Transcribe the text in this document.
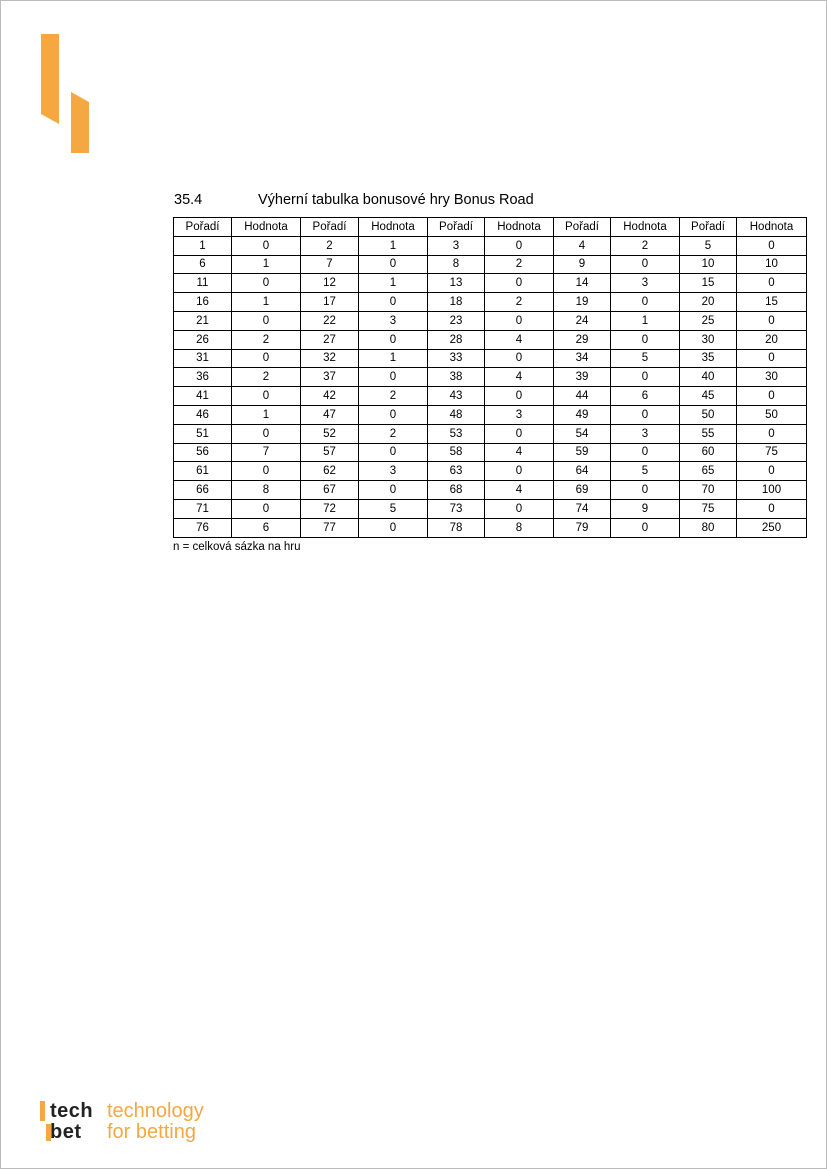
35.4	Výherní tabulka bonusové hry Bonus Road
Pořadí	Hodnota	Pořadí	Hodnota	Pořadí	Hodnota	Pořadí	Hodnota	Pořadí	Hodnota
1	0	2	1	3	0	4	2	5	0
6	1	7	0	8	2	9	0	10	10
11	0	12	1	13	0	14	3	15	0
16	1	17	0	18	2	19	0	20	15
21	0	22	3	23	0	24	1	25	0
26	2	27	0	28	4	29	0	30	20
31	0	32	1	33	0	34	5	35	0
36	2	37	0	38	4	39	0	40	30
41	0	42	2	43	0	44	6	45	0
46	1	47	0	48	3	49	0	50	50
51	0	52	2	53	0	54	3	55	0
56	7	57	0	58	4	59	0	60	75
61	0	62	3	63	0	64	5	65	0
66	8	67	0	68	4	69	0	70	100
71	0	72	5	73	0	74	9	75	0
76	6	77	0	78	8	79	0	80	250
n = celková sázka na hru
tech
bet
technology
for betting
